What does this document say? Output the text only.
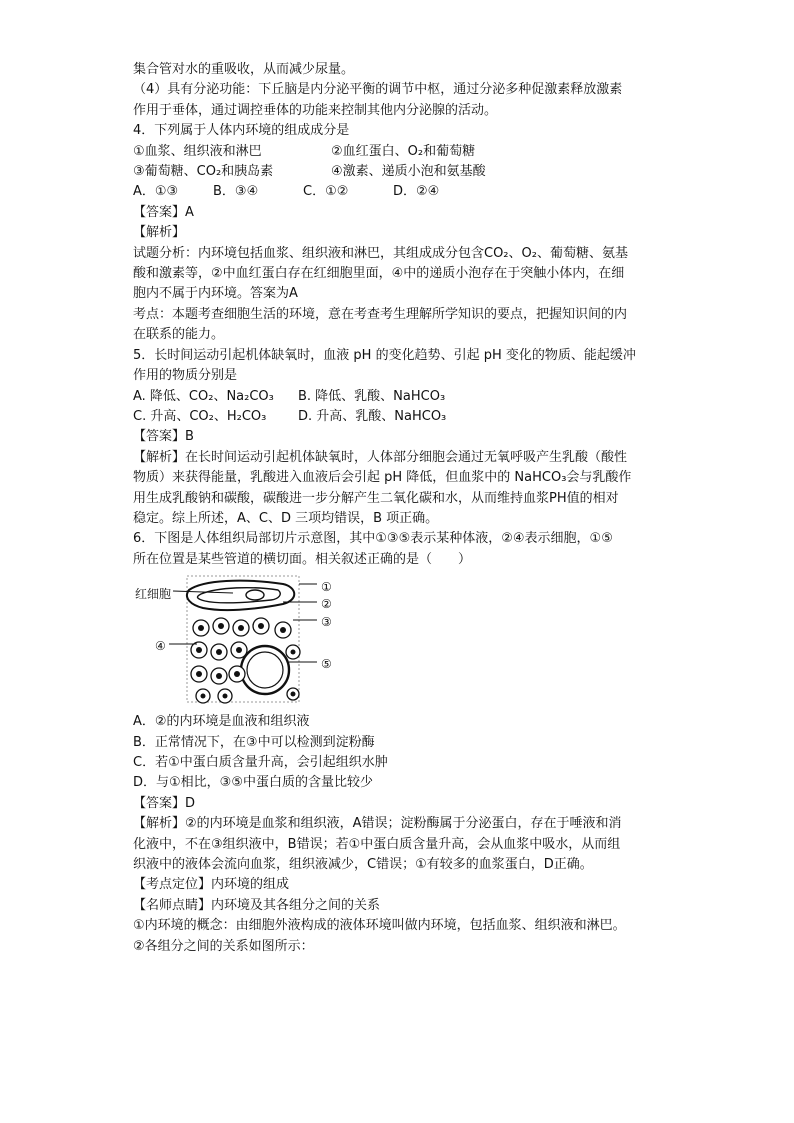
集合管对水的重吸收，从而减少尿量。
（4）具有分泌功能：下丘脑是内分泌平衡的调节中枢，通过分泌多种促激素释放激素
作用于垂体，通过调控垂体的功能来控制其他内分泌腺的活动。
4．下列属于人体内环境的组成成分是
①血浆、组织液和淋巴	②血红蛋白、O₂和葡萄糖
③葡萄糖、CO₂和胰岛素	④激素、递质小泡和氨基酸
A．①③	B．③④	C．①②	D．②④
【答案】A
【解析】
试题分析：内环境包括血浆、组织液和淋巴，其组成成分包含CO₂、O₂、葡萄糖、氨基
酸和激素等，②中血红蛋白存在红细胞里面，④中的递质小泡存在于突触小体内，在细
胞内不属于内环境。答案为A
考点：本题考查细胞生活的环境，意在考查考生理解所学知识的要点，把握知识间的内
在联系的能力。
5．长时间运动引起机体缺氧时，血液 pH 的变化趋势、引起 pH 变化的物质、能起缓冲
作用的物质分别是
A. 降低、CO₂、Na₂CO₃	B. 降低、乳酸、NaHCO₃
C. 升高、CO₂、H₂CO₃	D. 升高、乳酸、NaHCO₃
【答案】B
【解析】在长时间运动引起机体缺氧时，人体部分细胞会通过无氧呼吸产生乳酸（酸性
物质）来获得能量，乳酸进入血液后会引起 pH 降低，但血浆中的 NaHCO₃会与乳酸作
用生成乳酸钠和碳酸，碳酸进一步分解产生二氧化碳和水，从而维持血浆PH值的相对
稳定。综上所述，A、C、D 三项均错误，B 项正确。
6．下图是人体组织局部切片示意图，其中①③⑤表示某种体液，②④表示细胞，①⑤
所在位置是某些管道的横切面。相关叙述正确的是（　　）
红细胞	①
②
③
④
⑤
A．②的内环境是血液和组织液
B．正常情况下，在③中可以检测到淀粉酶
C．若①中蛋白质含量升高，会引起组织水肿
D．与①相比，③⑤中蛋白质的含量比较少
【答案】D
【解析】②的内环境是血浆和组织液，A错误；淀粉酶属于分泌蛋白，存在于唾液和消
化液中，不在③组织液中，B错误；若①中蛋白质含量升高，会从血浆中吸水，从而组
织液中的液体会流向血浆，组织液减少，C错误；①有较多的血浆蛋白，D正确。
【考点定位】内环境的组成
【名师点睛】内环境及其各组分之间的关系
①内环境的概念：由细胞外液构成的液体环境叫做内环境，包括血浆、组织液和淋巴。
②各组分之间的关系如图所示：
